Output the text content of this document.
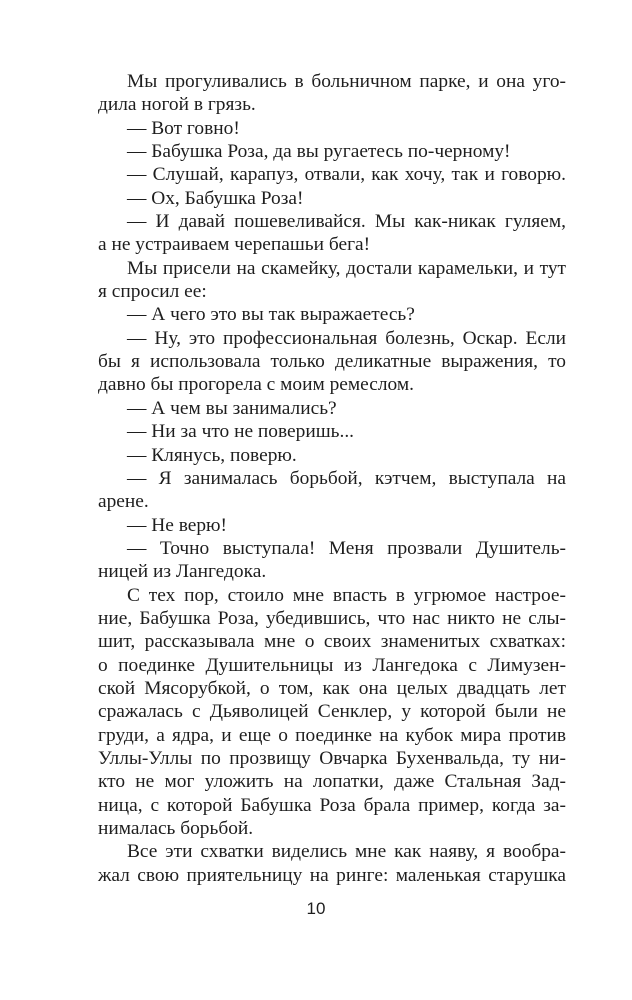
Мы прогуливались в больничном парке, и она уго-
дила ногой в грязь.
— Вот говно!
— Бабушка Роза, да вы ругаетесь по-черному!
— Слушай, карапуз, отвали, как хочу, так и говорю.
— Ох, Бабушка Роза!
— И давай пошевеливайся. Мы как-никак гуляем,
а не устраиваем черепашьи бега!
Мы присели на скамейку, достали карамельки, и тут
я спросил ее:
— А чего это вы так выражаетесь?
— Ну, это профессиональная болезнь, Оскар. Если
бы я использовала только деликатные выражения, то
давно бы прогорела с моим ремеслом.
— А чем вы занимались?
— Ни за что не поверишь...
— Клянусь, поверю.
— Я занималась борьбой, кэтчем, выступала на
арене.
— Не верю!
— Точно выступала! Меня прозвали Душитель-
ницей из Лангедока.
С тех пор, стоило мне впасть в угрюмое настрое-
ние, Бабушка Роза, убедившись, что нас никто не слы-
шит, рассказывала мне о своих знаменитых схватках:
о поединке Душительницы из Лангедока с Лимузен-
ской Мясорубкой, о том, как она целых двадцать лет
сражалась с Дьяволицей Сенклер, у которой были не
груди, а ядра, и еще о поединке на кубок мира против
Уллы-Уллы по прозвищу Овчарка Бухенвальда, ту ни-
кто не мог уложить на лопатки, даже Стальная Зад-
ница, с которой Бабушка Роза брала пример, когда за-
нималась борьбой.
Все эти схватки виделись мне как наяву, я вообра-
жал свою приятельницу на ринге: маленькая старушка
10
